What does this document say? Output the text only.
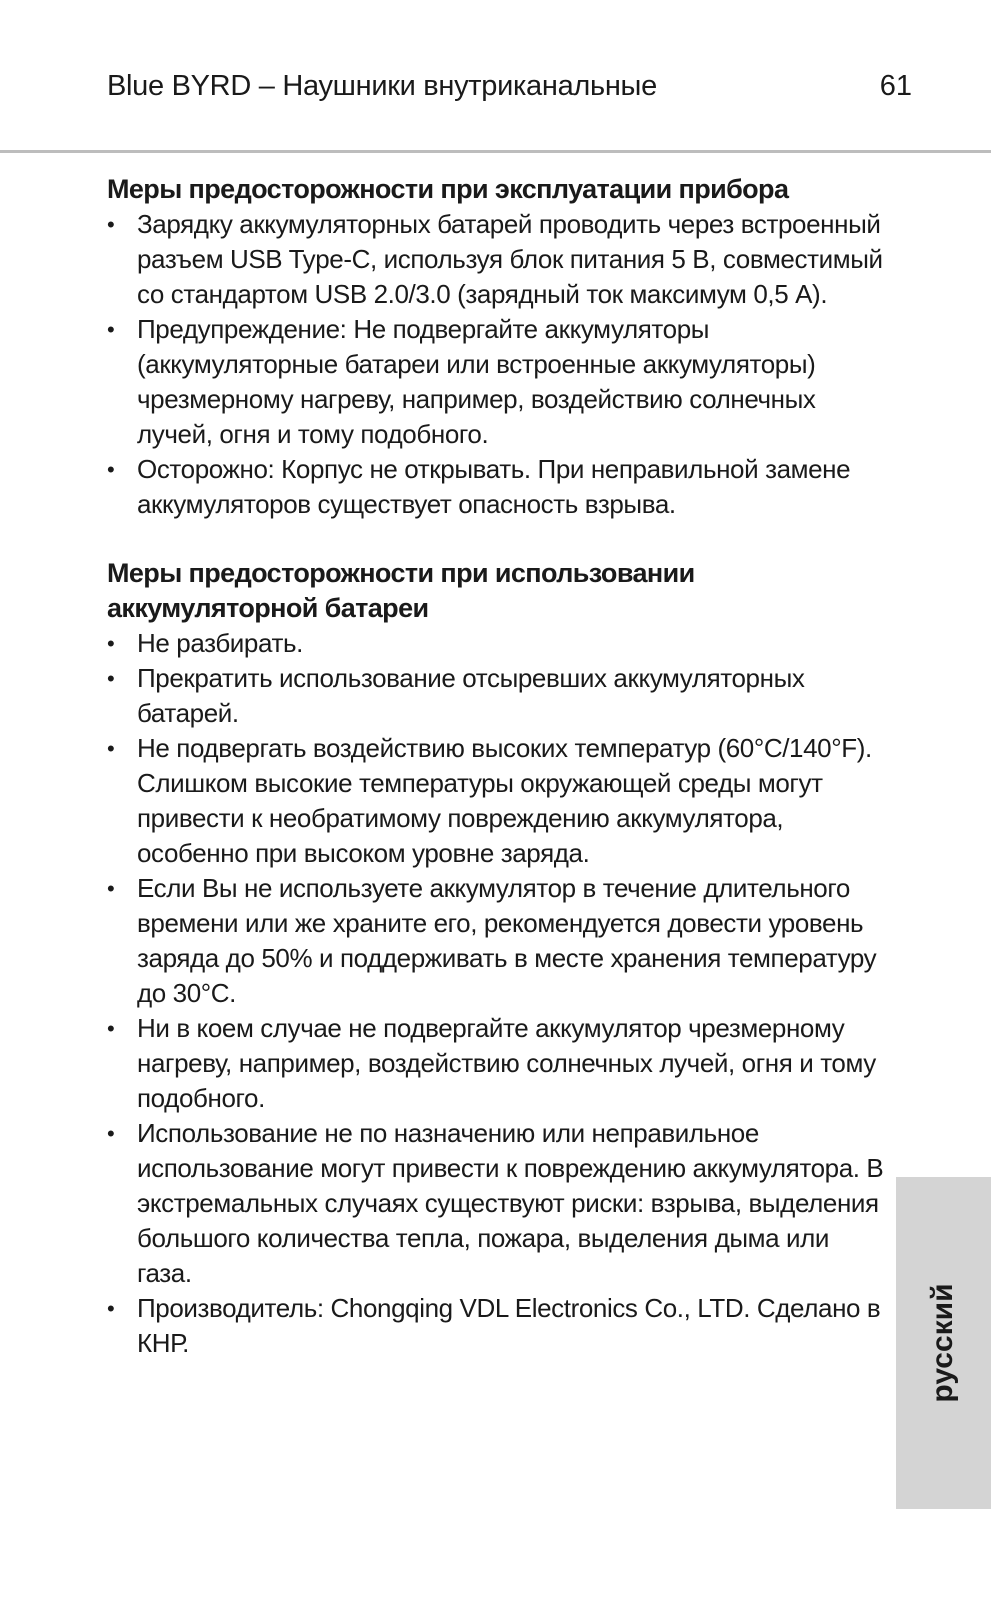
Blue BYRD – Наушники внутриканальные	61
Меры предосторожности при эксплуатации прибора
• Зарядку аккумуляторных батарей проводить через встроенный разъем USB Type-C, используя блок питания 5 В, совместимый со стандартом USB 2.0/3.0 (зарядный ток максимум 0,5 А).
• Предупреждение: Не подвергайте аккумуляторы (аккумуляторные батареи или встроенные аккумуляторы) чрезмерному нагреву, например, воздействию солнечных лучей, огня и тому подобного.
• Осторожно: Корпус не открывать. При неправильной замене аккумуляторов существует опасность взрыва.
Меры предосторожности при использовании аккумуляторной батареи
• Не разбирать.
• Прекратить использование отсыревших аккумуляторных батарей.
• Не подвергать воздействию высоких температур (60°C/140°F). Слишком высокие температуры окружающей среды могут привести к необратимому повреждению аккумулятора, особенно при высоком уровне заряда.
• Если Вы не используете аккумулятор в течение длительного времени или же храните его, рекомендуется довести уровень заряда до 50% и поддерживать в месте хранения температуру до 30°C.
• Ни в коем случае не подвергайте аккумулятор чрезмерному нагреву, например, воздействию солнечных лучей, огня и тому подобного.
• Использование не по назначению или неправильное использование могут привести к повреждению аккумулятора. В экстремальных случаях существуют риски: взрыва, выделения большого количества тепла, пожара, выделения дыма или газа.
• Производитель: Chongqing VDL Electronics Co., LTD. Сделано в КНР.	русский
